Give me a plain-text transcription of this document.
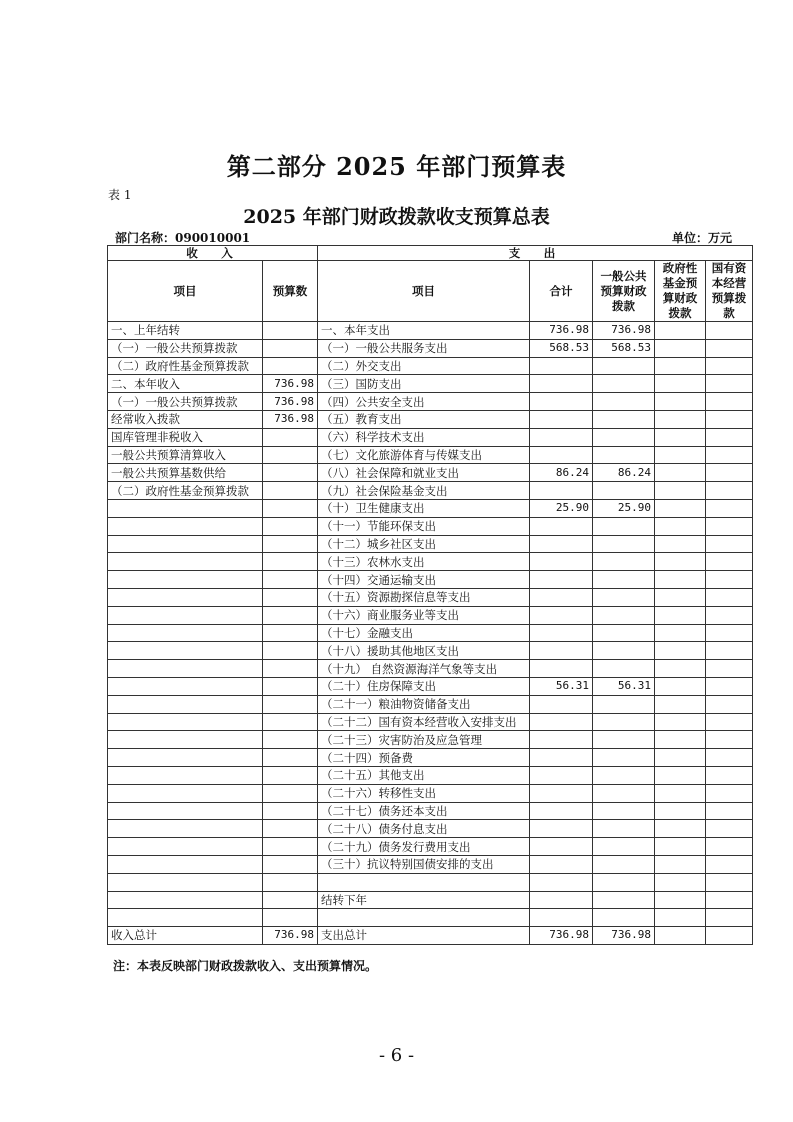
第二部分 2025 年部门预算表
表 1
2025 年部门财政拨款收支预算总表
部门名称：090010001	单位：万元
收　入		支　出				
项目	预算数	项目	合计	一般公共预算财政拨款	政府性基金预算财政拨款	国有资本经营预算拨款
一、上年结转		一、本年支出	736.98	736.98		
（一）一般公共预算拨款		（一）一般公共服务支出	568.53	568.53		
（二）政府性基金预算拨款		（二）外交支出				
二、本年收入	736.98	（三）国防支出				
（一）一般公共预算拨款	736.98	（四）公共安全支出				
经常收入拨款	736.98	（五）教育支出				
国库管理非税收入		（六）科学技术支出				
一般公共预算清算收入		（七）文化旅游体育与传媒支出				
一般公共预算基数供给		（八）社会保障和就业支出	86.24	86.24		
（二）政府性基金预算拨款		（九）社会保险基金支出				
		（十）卫生健康支出	25.90	25.90		
		（十一）节能环保支出				
		（十二）城乡社区支出				
		（十三）农林水支出				
		（十四）交通运输支出				
		（十五）资源勘探信息等支出				
		（十六）商业服务业等支出				
		（十七）金融支出				
		（十八）援助其他地区支出				
		（十九） 自然资源海洋气象等支出				
		（二十）住房保障支出	56.31	56.31		
		（二十一）粮油物资储备支出				
		（二十二）国有资本经营收入安排支出				
		（二十三）灾害防治及应急管理				
		（二十四）预备费				
		（二十五）其他支出				
		（二十六）转移性支出				
		（二十七）债务还本支出				
		（二十八）债务付息支出				
		（二十九）债务发行费用支出				
		（三十）抗议特别国债安排的支出				

		结转下年				

收入总计	736.98	支出总计	736.98	736.98		
注：本表反映部门财政拨款收入、支出预算情况。
- 6 -
